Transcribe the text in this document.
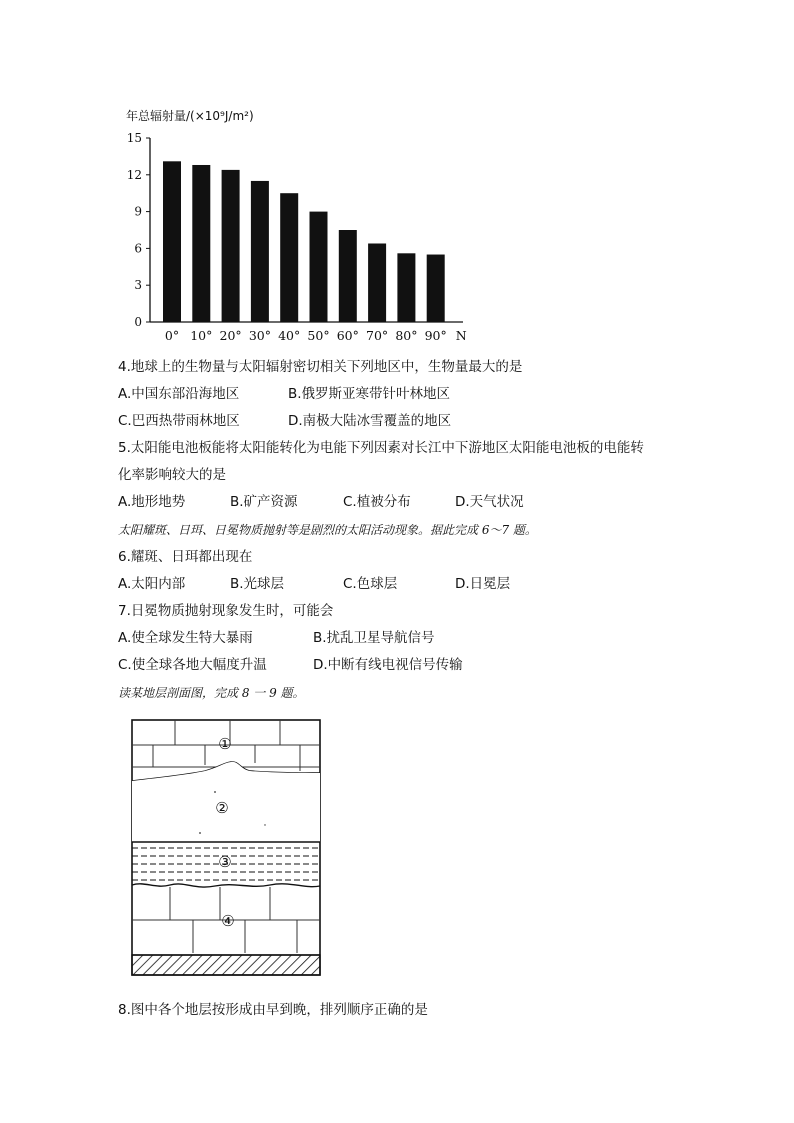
年总辐射量/(×10⁹J/m²)
15
12
9
6
3
0
0° 10° 20° 30° 40° 50° 60° 70° 80° 90° N
4.地球上的生物量与太阳辐射密切相关下列地区中，生物量最大的是
A.中国东部沿海地区	B.俄罗斯亚寒带针叶林地区
C.巴西热带雨林地区	D.南极大陆冰雪覆盖的地区
5.太阳能电池板能将太阳能转化为电能下列因素对长江中下游地区太阳能电池板的电能转
化率影响较大的是
A.地形地势	B.矿产资源	C.植被分布	D.天气状况
太阳耀斑、日珥、日冕物质抛射等是剧烈的太阳活动现象。据此完成 6～7 题。
6.耀斑、日珥都出现在
A.太阳内部	B.光球层	C.色球层	D.日冕层
7.日冕物质抛射现象发生时，可能会
A.使全球发生特大暴雨	B.扰乱卫星导航信号
C.使全球各地大幅度升温	D.中断有线电视信号传输
读某地层剖面图，完成 8 一 9 题。
①
②
③
④
8.图中各个地层按形成由早到晚，排列顺序正确的是
